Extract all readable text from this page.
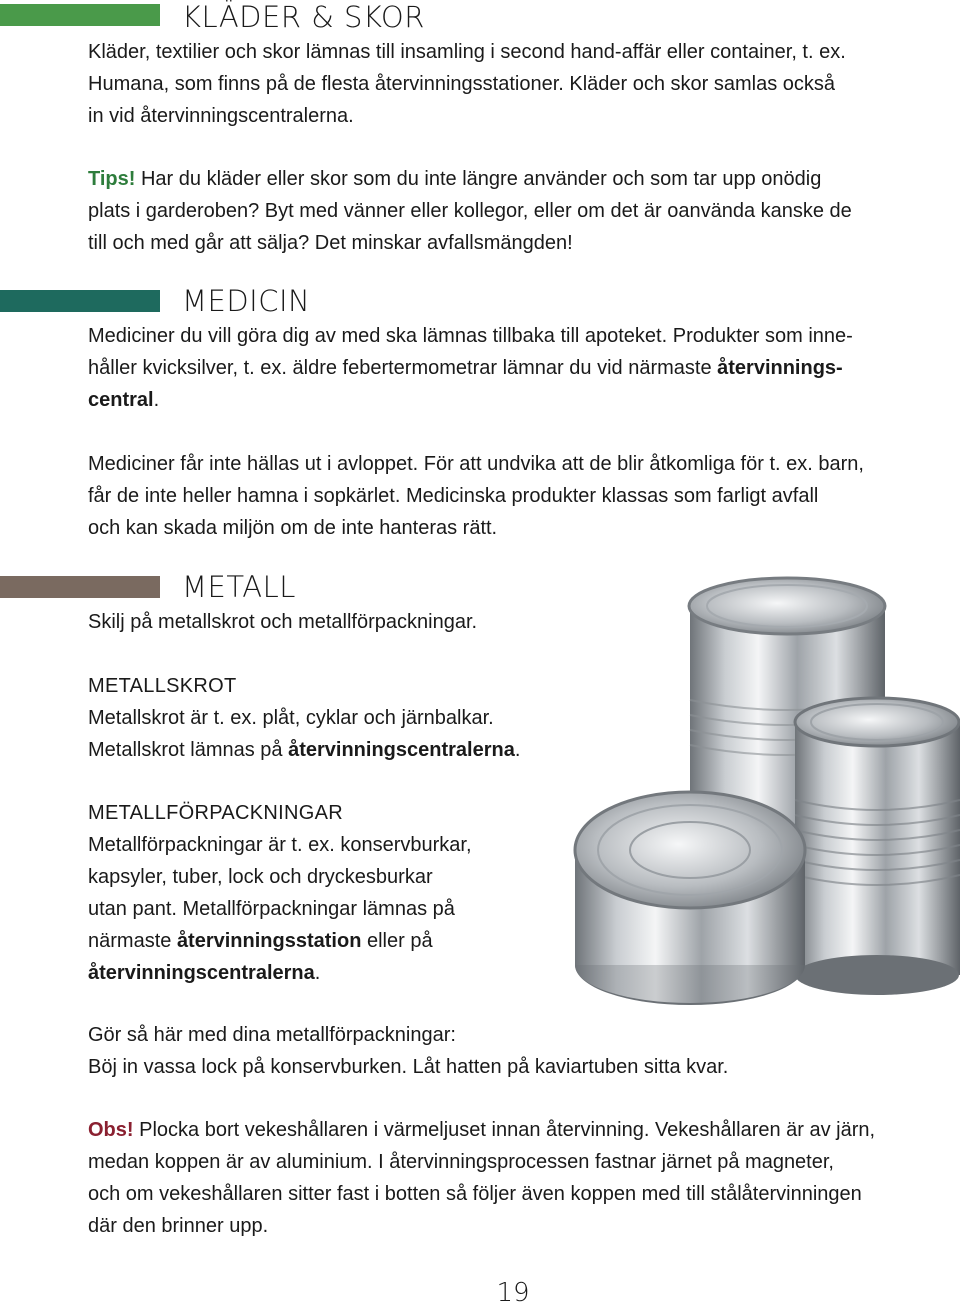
KLÄDER & SKOR

Kläder, textilier och skor lämnas till insamling i second hand-affär eller container, t. ex.
Humana, som finns på de flesta återvinningsstationer. Kläder och skor samlas också
in vid återvinningscentralerna.

Tips! Har du kläder eller skor som du inte längre använder och som tar upp onödig
plats i garderoben? Byt med vänner eller kollegor, eller om det är oanvända kanske de
till och med går att sälja? Det minskar avfallsmängden!

MEDICIN

Mediciner du vill göra dig av med ska lämnas tillbaka till apoteket. Produkter som inne-
håller kvicksilver, t. ex. äldre febertermometrar lämnar du vid närmaste återvinnings-
central.

Mediciner får inte hällas ut i avloppet. För att undvika att de blir åtkomliga för t. ex. barn,
får de inte heller hamna i sopkärlet. Medicinska produkter klassas som farligt avfall
och kan skada miljön om de inte hanteras rätt.

METALL

Skilj på metallskrot och metallförpackningar.

METALLSKROT

Metallskrot är t. ex. plåt, cyklar och järnbalkar.
Metallskrot lämnas på återvinningscentralerna.

METALLFÖRPACKNINGAR

Metallförpackningar är t. ex. konservburkar,
kapsyler, tuber, lock och dryckesburkar
utan pant. Metallförpackningar lämnas på
närmaste återvinningsstation eller på
återvinningscentralerna.

Gör så här med dina metallförpackningar:
Böj in vassa lock på konservburken. Låt hatten på kaviartuben sitta kvar.

Obs! Plocka bort vekeshållaren i värmeljuset innan återvinning. Vekeshållaren är av järn,
medan koppen är av aluminium. I återvinningsprocessen fastnar järnet på magneter,
och om vekeshållaren sitter fast i botten så följer även koppen med till stålåtervinningen
där den brinner upp.

19
